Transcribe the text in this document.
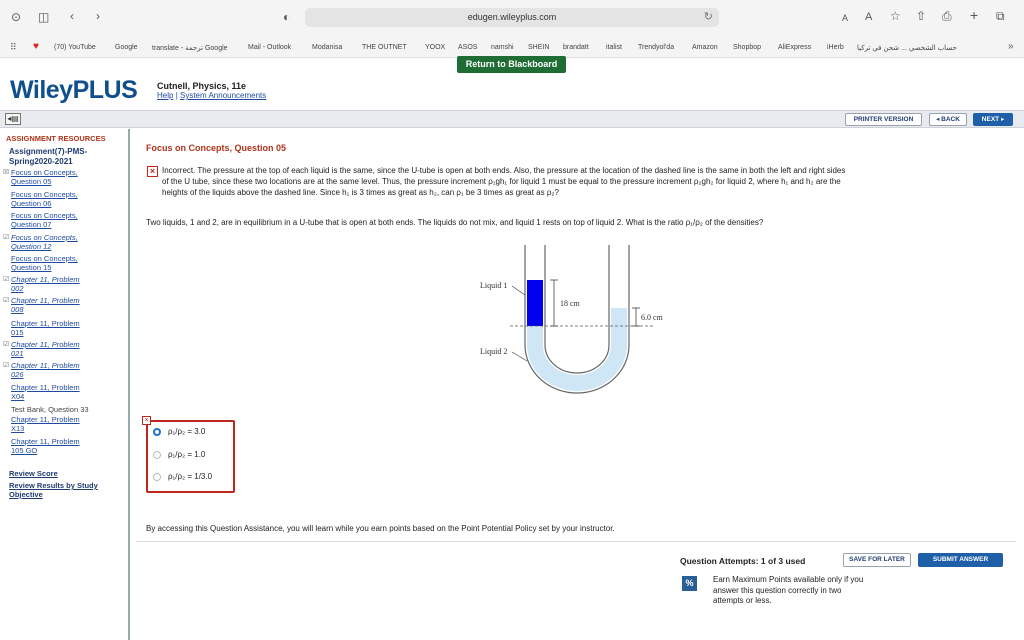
⊙ ◫ ‹ ›	◐	edugen.wileyplus.com	↻	A A ☆ ⇧ ⎙ + ⧉
⠿ ♥	»
(70) YouTube	Google translate - ترجمة Google	Mail - Outlook	Modanisa	THE OUTNET	YOOX ASOS namshi SHEIN brandatt italist Trendyol'da	Amazon Shopbop AliExpress iHerb حساب الشخصي ... شحن في تركيا
Return to Blackboard
WileyPLUS Cutnell, Physics, 11e
Help | System Announcements
◂▤	PRINTER VERSION	◂ BACK	NEXT ▸
ASSIGNMENT RESOURCES
Assignment(7)-PMS-
Spring2020-2021
☒ Focus on Concepts,
Question 05
Focus on Concepts,
Question 06
Focus on Concepts,
Question 07
☑ Focus on Concepts,
Question 12
Focus on Concepts,
Question 15
☑ Chapter 11, Problem
002
☑ Chapter 11, Problem
008
Chapter 11, Problem
015
☑ Chapter 11, Problem
021
☑ Chapter 11, Problem
026
Chapter 11, Problem
X04
Test Bank, Question 33
Chapter 11, Problem
X13
Chapter 11, Problem
105 GO
Review Score
Review Results by Study
Objective
Focus on Concepts, Question 05
× Incorrect. The pressure at the top of each liquid is the same, since the U-tube is open at both ends. Also, the pressure at the location of the dashed line is the same in both the left and right sides
of the U tube, since these two locations are at the same level. Thus, the pressure increment ρ₁gh₁ for liquid 1 must be equal to the pressure increment ρ₂gh₂ for liquid 2, where h₁ and h₂ are the
heights of the liquids above the dashed line. Since h₁ is 3 times as great as h₂, can ρ₁ be 3 times as great as ρ₂?
Two liquids, 1 and 2, are in equilibrium in a U-tube that is open at both ends. The liquids do not mix, and liquid 1 rests on top of liquid 2. What is the ratio ρ₁/ρ₂ of the densities?
18 cm
6.0 cm
Liquid 1
Liquid 2
×
ρ₁/ρ₂ = 3.0
ρ₁/ρ₂ = 1.0
ρ₁/ρ₂ = 1/3.0
By accessing this Question Assistance, you will learn while you earn points based on the Point Potential Policy set by your instructor.
Question Attempts: 1 of 3 used	SAVE FOR LATER	SUBMIT ANSWER
%	Earn Maximum Points available only if you
answer this question correctly in two
attempts or less.
